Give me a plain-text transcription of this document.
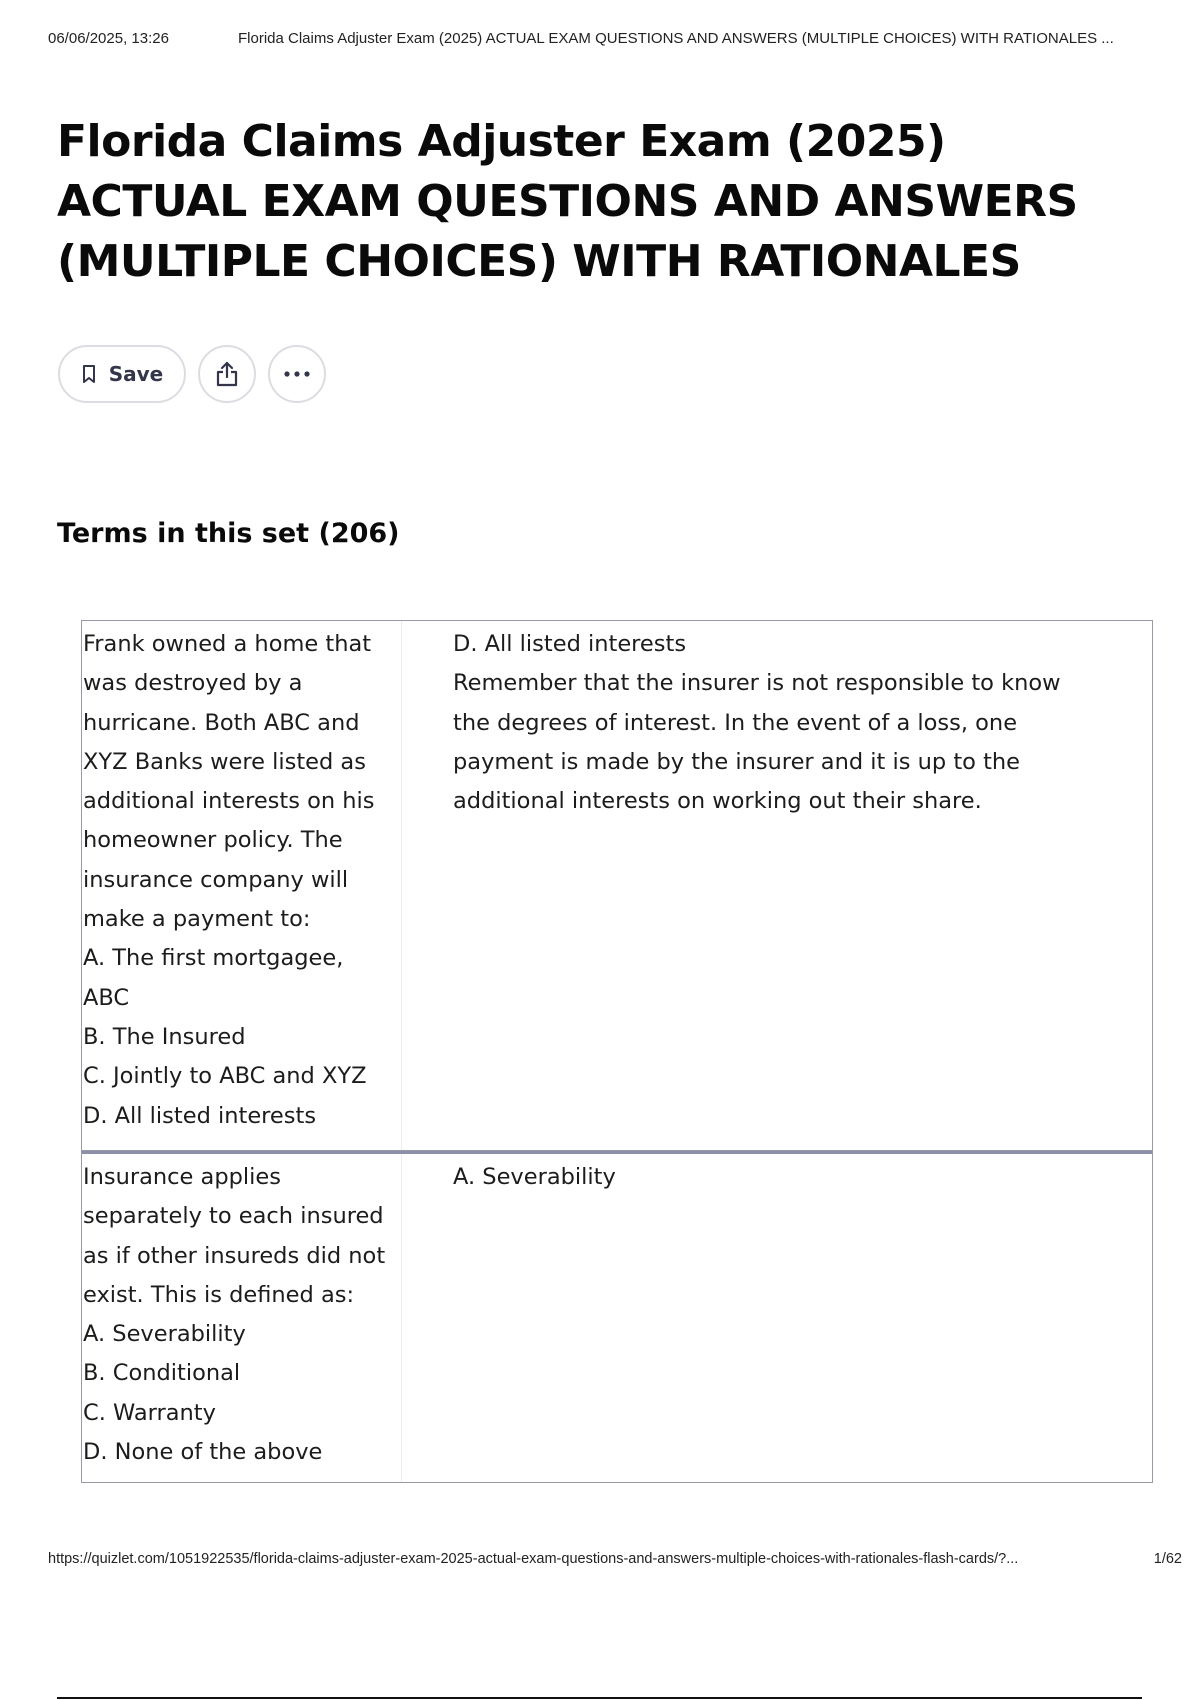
06/06/2025, 13:26	Florida Claims Adjuster Exam (2025) ACTUAL EXAM QUESTIONS AND ANSWERS (MULTIPLE CHOICES) WITH RATIONALES ...
Florida Claims Adjuster Exam (2025) ACTUAL EXAM QUESTIONS AND ANSWERS (MULTIPLE CHOICES) WITH RATIONALES
Save
Terms in this set (206)
Frank owned a home that
was destroyed by a
hurricane. Both ABC and
XYZ Banks were listed as
additional interests on his
homeowner policy. The
insurance company will
make a payment to:
A. The first mortgagee,
ABC
B. The Insured
C. Jointly to ABC and XYZ
D. All listed interests
D. All listed interests
Remember that the insurer is not responsible to know
the degrees of interest. In the event of a loss, one
payment is made by the insurer and it is up to the
additional interests on working out their share.
Insurance applies
separately to each insured
as if other insureds did not
exist. This is defined as:
A. Severability
B. Conditional
C. Warranty
D. None of the above
A. Severability
https://quizlet.com/1051922535/florida-claims-adjuster-exam-2025-actual-exam-questions-and-answers-multiple-choices-with-rationales-flash-cards/?...	1/62
